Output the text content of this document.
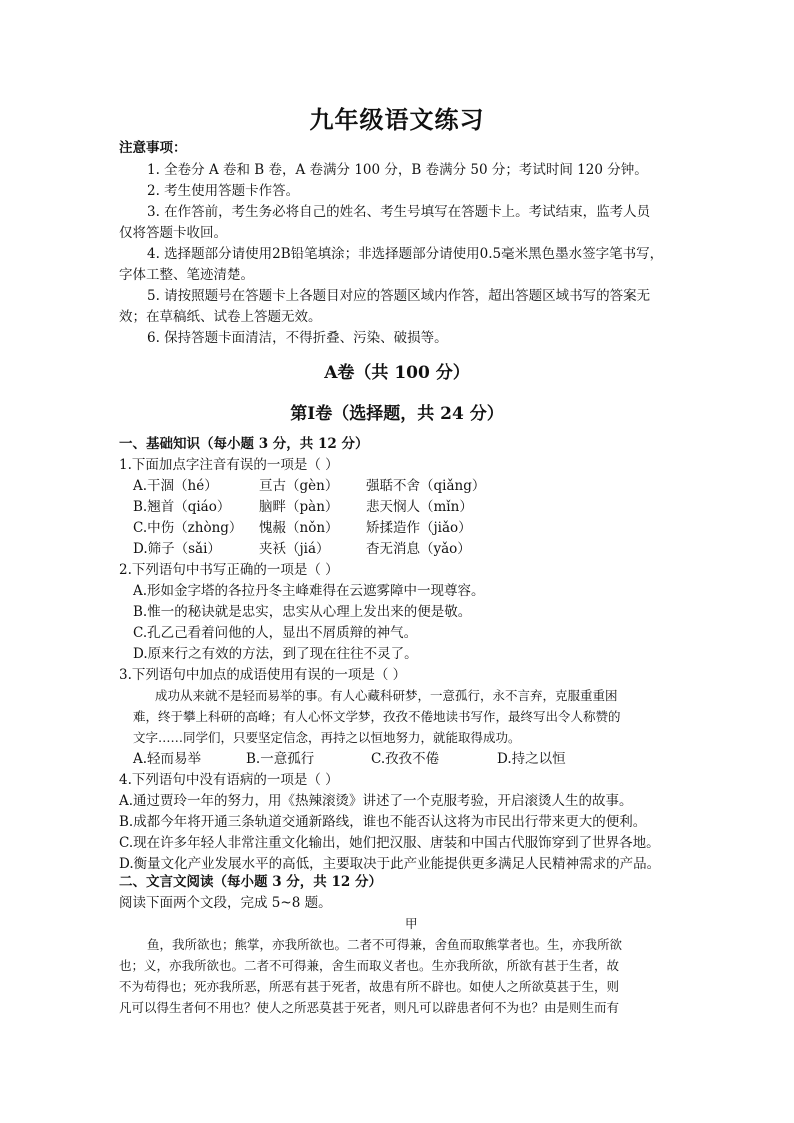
九年级语文练习
注意事项：
1. 全卷分 A 卷和 B 卷，A 卷满分 100 分，B 卷满分 50 分；考试时间 120 分钟。
2. 考生使用答题卡作答。
3. 在作答前，考生务必将自己的姓名、考生号填写在答题卡上。考试结束，监考人员
仅将答题卡收回。
4. 选择题部分请使用2B铅笔填涂；非选择题部分请使用0.5毫米黑色墨水签字笔书写，
字体工整、笔迹清楚。
5. 请按照题号在答题卡上各题目对应的答题区域内作答，超出答题区域书写的答案无
效；在草稿纸、试卷上答题无效。
6. 保持答题卡面清洁，不得折叠、污染、破损等。
A卷（共 100 分）
第Ⅰ卷（选择题，共 24 分）
一、基础知识（每小题 3 分，共 12 分）
1.下面加点字注音有误的一项是（ ）
A.干涸（hé）	亘古（gèn） 强聒不舍（qiǎng）
B.翘首（qiáo） 脑畔（pàn） 悲天悯人（mǐn）
C.中伤（zhòng） 愧赧（nǒn） 矫揉造作（jiǎo）
D.筛子（sǎi）	夹袄（jiá）	杳无消息（yǎo）
2.下列语句中书写正确的一项是（ ）
A.形如金字塔的各拉丹冬主峰难得在云遮雾障中一现尊容。
B.惟一的秘诀就是忠实，忠实从心理上发出来的便是敬。
C.孔乙己看着问他的人，显出不屑质辩的神气。
D.原来行之有效的方法，到了现在往往不灵了。
3.下列语句中加点的成语使用有误的一项是（ ）
成功从来就不是轻而易举的事。有人心藏科研梦，一意孤行，永不言弃，克服重重困
难，终于攀上科研的高峰；有人心怀文学梦，孜孜不倦地读书写作，最终写出令人称赞的
文字……同学们，只要坚定信念，再持之以恒地努力，就能取得成功。
A.轻而易举	B.一意孤行	C.孜孜不倦	D.持之以恒
4.下列语句中没有语病的一项是（ ）
A.通过贾玲一年的努力，用《热辣滚烫》讲述了一个克服考验，开启滚烫人生的故事。
B.成都今年将开通三条轨道交通新路线，谁也不能否认这将为市民出行带来更大的便利。
C.现在许多年轻人非常注重文化输出，她们把汉服、唐装和中国古代服饰穿到了世界各地。
D.衡量文化产业发展水平的高低，主要取决于此产业能提供更多满足人民精神需求的产品。
二、文言文阅读（每小题 3 分，共 12 分）
阅读下面两个文段，完成 5~8 题。
甲
鱼，我所欲也；熊掌，亦我所欲也。二者不可得兼，舍鱼而取熊掌者也。生，亦我所欲
也；义，亦我所欲也。二者不可得兼，舍生而取义者也。生亦我所欲，所欲有甚于生者，故
不为苟得也；死亦我所恶，所恶有甚于死者，故患有所不辟也。如使人之所欲莫甚于生，则
凡可以得生者何不用也？使人之所恶莫甚于死者，则凡可以辟患者何不为也？由是则生而有
